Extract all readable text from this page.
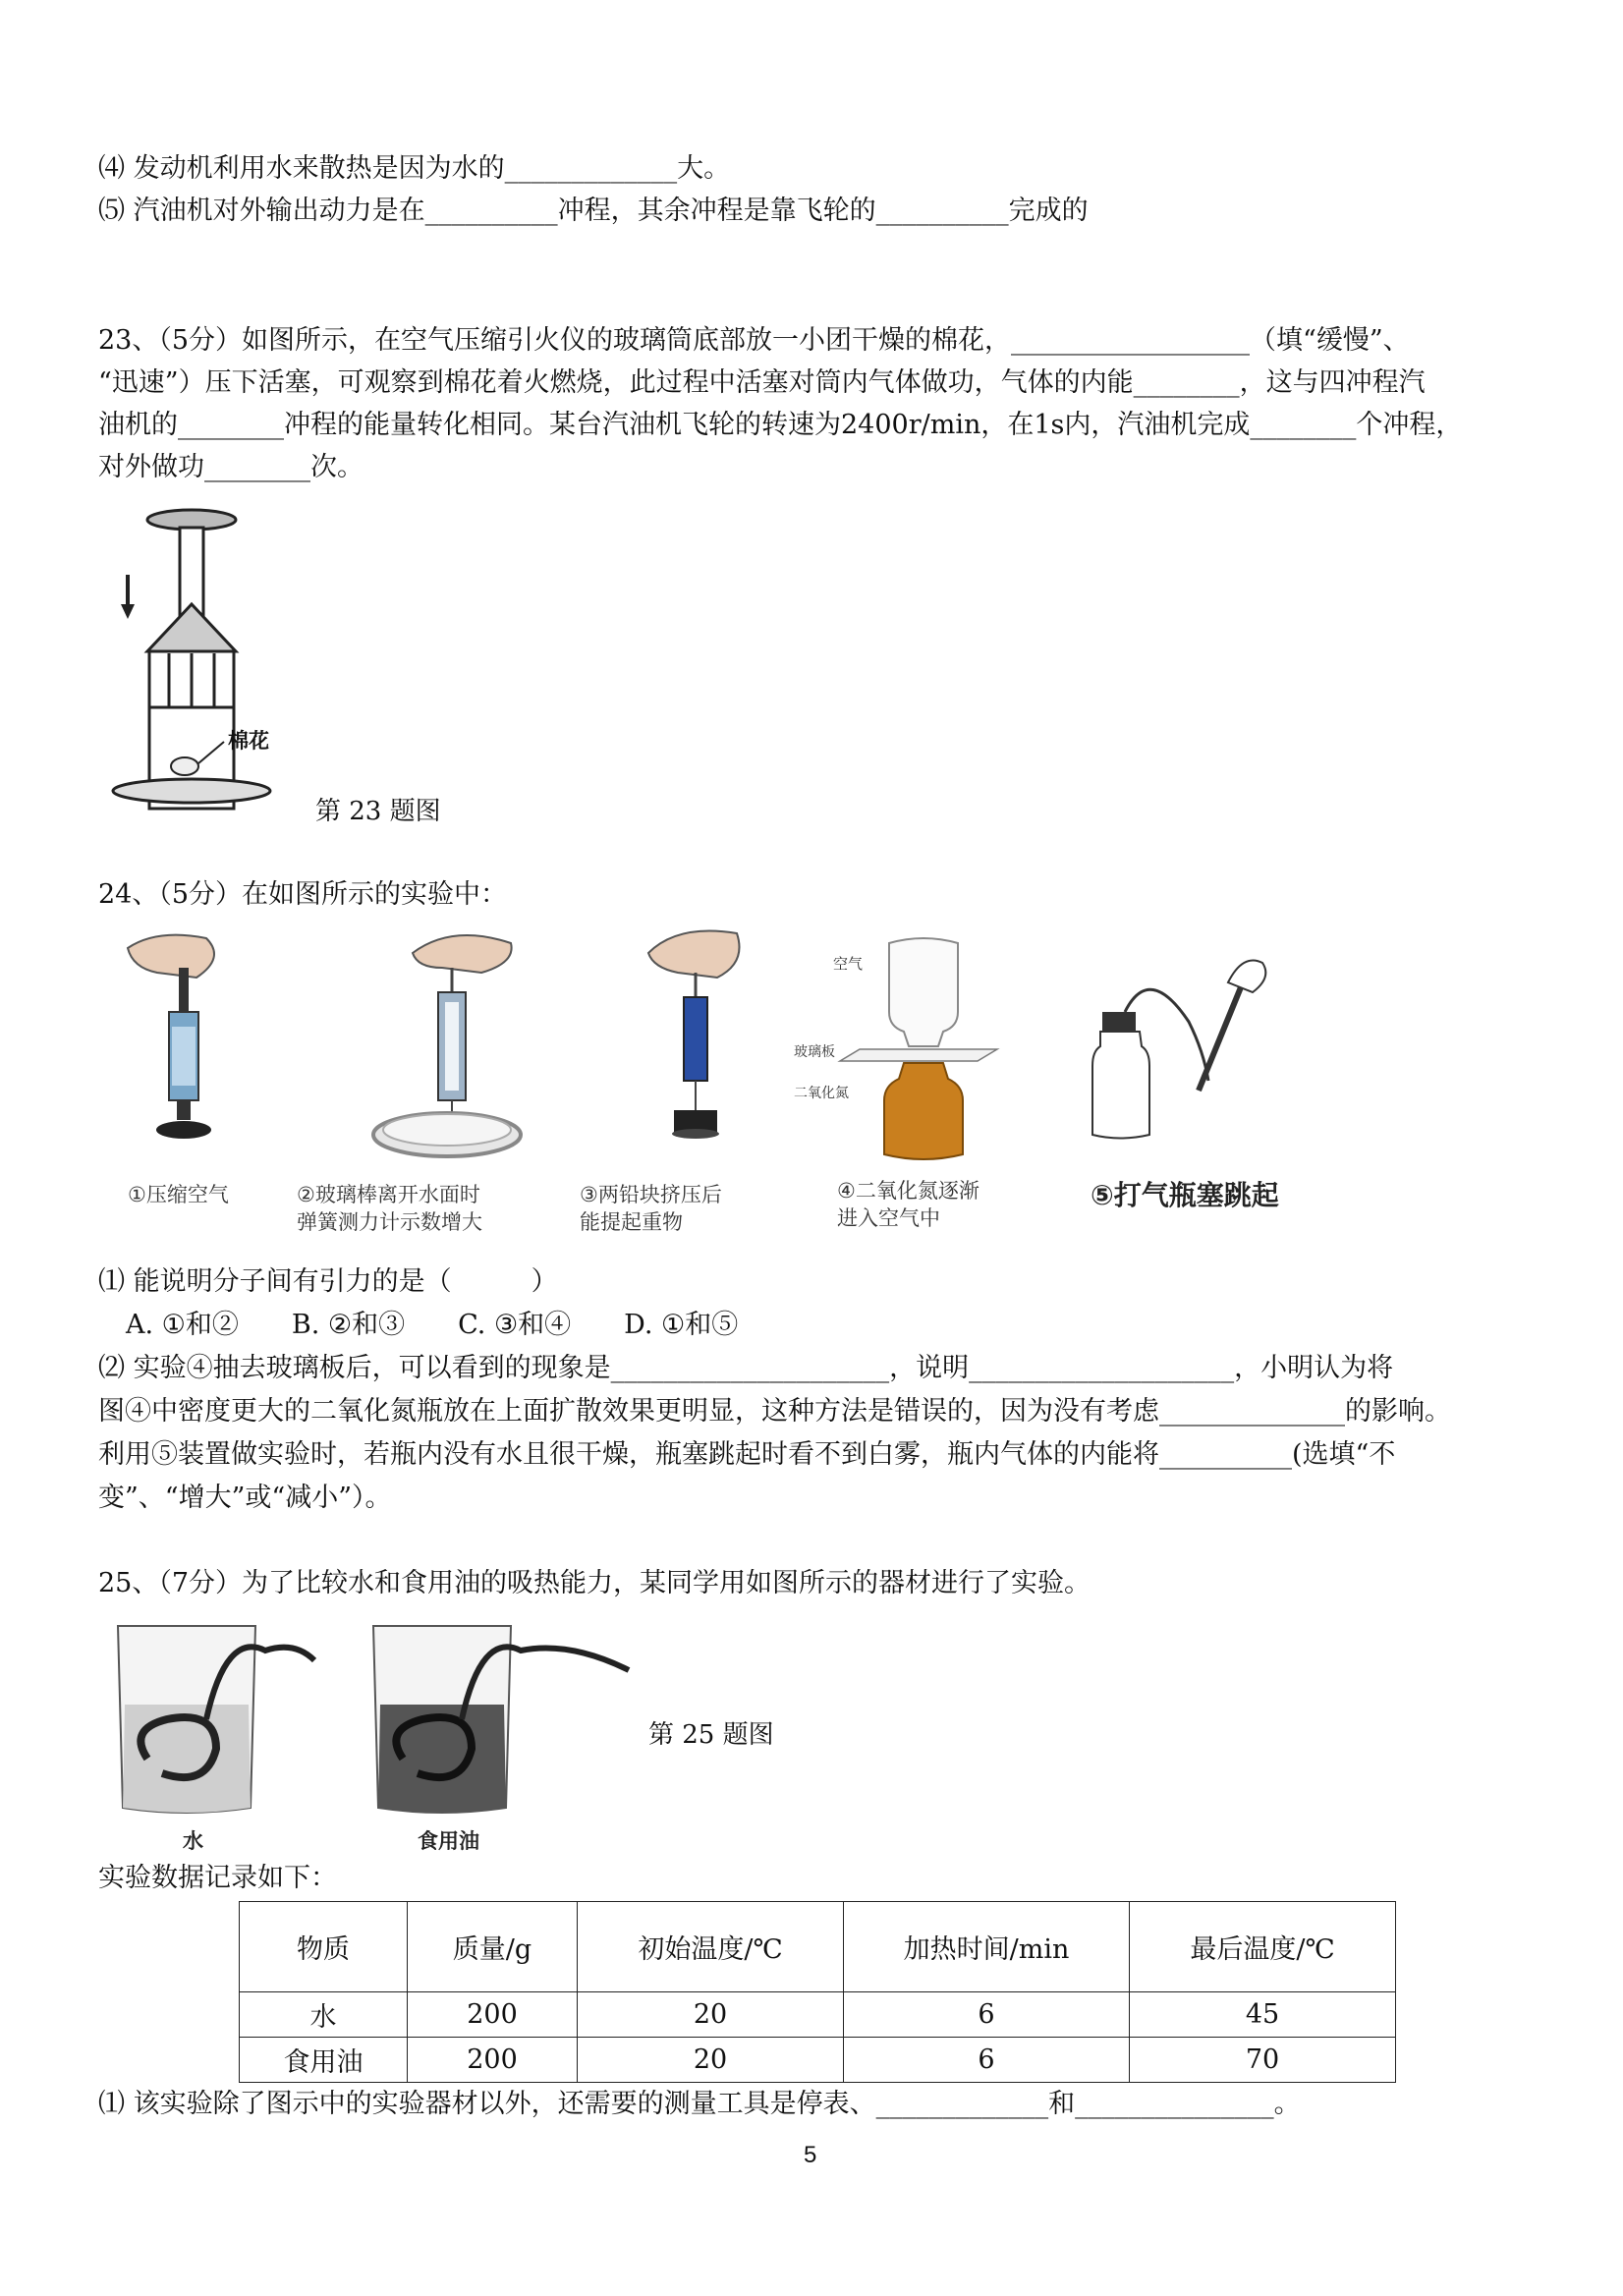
⑷ 发动机利用水来散热是因为水的_____________大。
⑸ 汽油机对外输出动力是在__________冲程，其余冲程是靠飞轮的__________完成的
23、（5分）如图所示，在空气压缩引火仪的玻璃筒底部放一小团干燥的棉花，__________________（填“缓慢”、
“迅速”）压下活塞，可观察到棉花着火燃烧，此过程中活塞对筒内气体做功，气体的内能________，这与四冲程汽
油机的________冲程的能量转化相同。某台汽油机飞轮的转速为2400r/min，在1s内，汽油机完成________个冲程，
对外做功________次。
棉花
第 23 题图
24、（5分）在如图所示的实验中：
①压缩空气	②玻璃棒离开水面时
弹簧测力计示数增大
③两铅块挤压后
能提起重物
空气
玻璃板
二氧化氮
④二氧化氮逐渐
进入空气中
⑤打气瓶塞跳起
⑴ 能说明分子间有引力的是（　　　）
A. ①和②　　B. ②和③　　C. ③和④　　D. ①和⑤
⑵ 实验④抽去玻璃板后，可以看到的现象是_____________________，说明____________________，小明认为将
图④中密度更大的二氧化氮瓶放在上面扩散效果更明显，这种方法是错误的，因为没有考虑______________的影响。
利用⑤装置做实验时，若瓶内没有水且很干燥，瓶塞跳起时看不到白雾，瓶内气体的内能将__________(选填“不
变”、“增大”或“减小”）。
25、（7分）为了比较水和食用油的吸热能力，某同学用如图所示的器材进行了实验。
水	食用油
第 25 题图
实验数据记录如下：
物质	质量/g	初始温度/℃	加热时间/min	最后温度/℃
水	200	20	6	45
食用油	200	20	6	70
⑴ 该实验除了图示中的实验器材以外，还需要的测量工具是停表、_____________和_______________。
5
